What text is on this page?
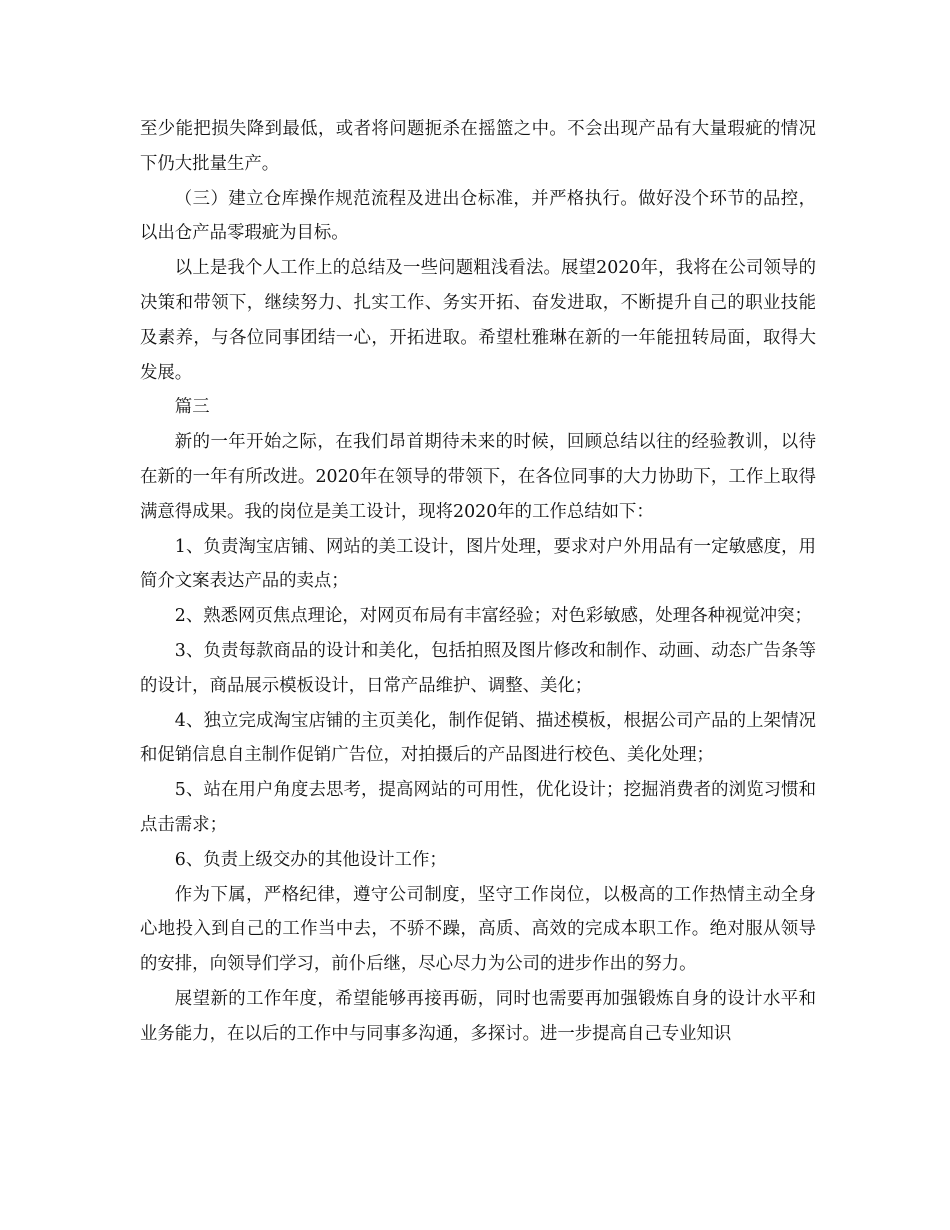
至少能把损失降到最低，或者将问题扼杀在摇篮之中。不会出现产品有大量瑕疵的情况下仍大批量生产。

（三）建立仓库操作规范流程及进出仓标准，并严格执行。做好没个环节的品控，以出仓产品零瑕疵为目标。

以上是我个人工作上的总结及一些问题粗浅看法。展望2020年，我将在公司领导的决策和带领下，继续努力、扎实工作、务实开拓、奋发进取，不断提升自己的职业技能及素养，与各位同事团结一心，开拓进取。希望杜雅琳在新的一年能扭转局面，取得大发展。

篇三

新的一年开始之际，在我们昂首期待未来的时候，回顾总结以往的经验教训，以待在新的一年有所改进。2020年在领导的带领下，在各位同事的大力协助下，工作上取得满意得成果。我的岗位是美工设计，现将2020年的工作总结如下：

1、负责淘宝店铺、网站的美工设计，图片处理，要求对户外用品有一定敏感度，用简介文案表达产品的卖点；

2、熟悉网页焦点理论，对网页布局有丰富经验；对色彩敏感，处理各种视觉冲突；

3、负责每款商品的设计和美化，包括拍照及图片修改和制作、动画、动态广告条等的设计，商品展示模板设计，日常产品维护、调整、美化；

4、独立完成淘宝店铺的主页美化，制作促销、描述模板，根据公司产品的上架情况和促销信息自主制作促销广告位，对拍摄后的产品图进行校色、美化处理；

5、站在用户角度去思考，提高网站的可用性，优化设计；挖掘消费者的浏览习惯和点击需求；

6、负责上级交办的其他设计工作；

作为下属，严格纪律，遵守公司制度，坚守工作岗位，以极高的工作热情主动全身心地投入到自己的工作当中去，不骄不躁，高质、高效的完成本职工作。绝对服从领导的安排，向领导们学习，前仆后继，尽心尽力为公司的进步作出的努力。

展望新的工作年度，希望能够再接再砺，同时也需要再加强锻炼自身的设计水平和业务能力，在以后的工作中与同事多沟通，多探讨。进一步提高自己专业知识
